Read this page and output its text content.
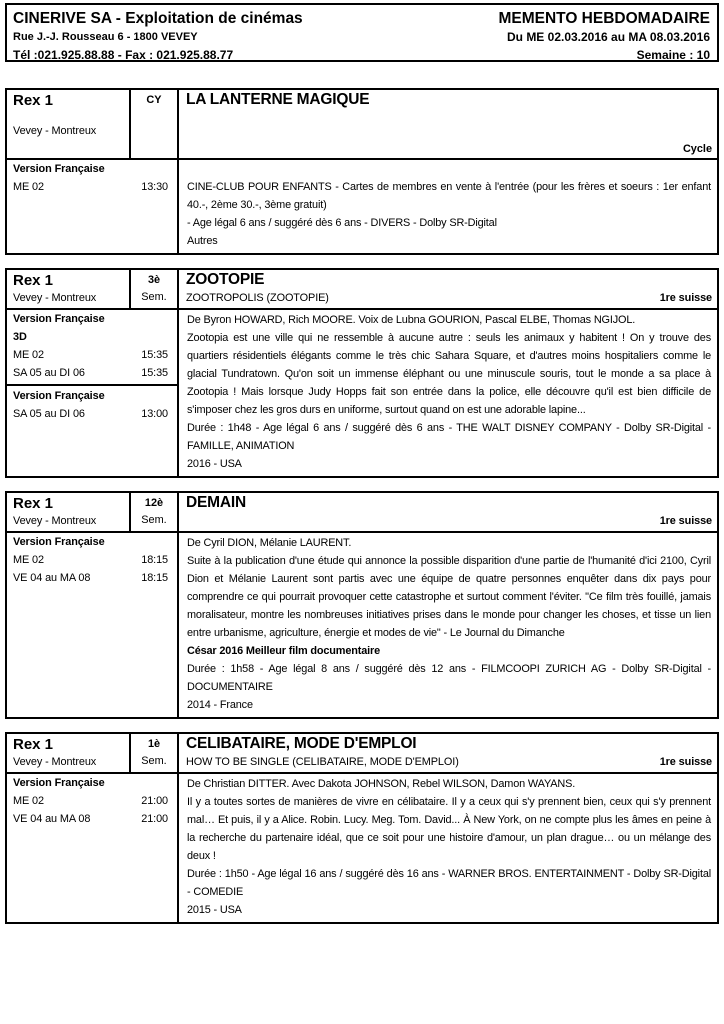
CINERIVE SA - Exploitation de cinémas
Rue J.-J. Rousseau 6 - 1800 VEVEY
Tél :021.925.88.88 - Fax : 021.925.88.77
MEMENTO HEBDOMADAIRE
Du ME 02.03.2016 au MA 08.03.2016
Semaine : 10
Rex 1
Vevey - Montreux
CY	LA LANTERNE MAGIQUE
Cycle
Version Française
ME 02	13:30 CINE-CLUB POUR ENFANTS - Cartes de membres en vente à l'entrée (pour les frères et soeurs : 1er enfant 40.-, 2ème 30.-, 3ème gratuit)

- Age légal 6 ans / suggéré dès 6 ans - DIVERS - Dolby SR-Digital

Autres

Rex 1
Vevey - Montreux
3è
Sem.
ZOOTOPIE
ZOOTROPOLIS (ZOOTOPIE)	1re suisse
Version Française
3D
ME 02	15:35
SA 05 au DI 06	15:35
Version Française
SA 05 au DI 06	13:00

De Byron HOWARD, Rich MOORE. Voix de Lubna GOURION, Pascal ELBE, Thomas NGIJOL.

Zootopia est une ville qui ne ressemble à aucune autre : seuls les animaux y habitent ! On y trouve des quartiers résidentiels élégants comme le très chic Sahara Square, et d'autres moins hospitaliers comme le glacial Tundratown. Qu'on soit un immense éléphant ou une minuscule souris, tout le monde a sa place à Zootopia ! Mais lorsque Judy Hopps fait son entrée dans la police, elle découvre qu'il est bien difficile de s'imposer chez les gros durs en uniforme, surtout quand on est une adorable lapine...

Durée : 1h48 - Age légal 6 ans / suggéré dès 6 ans - THE WALT DISNEY COMPANY - Dolby SR-Digital - FAMILLE, ANIMATION

2016 - USA

Rex 1
Vevey - Montreux
12è
Sem.
DEMAIN
1re suisse
Version Française
ME 02	18:15
VE 04 au MA 08	18:15

De Cyril DION, Mélanie LAURENT.

Suite à la publication d'une étude qui annonce la possible disparition d'une partie de l'humanité d'ici 2100, Cyril Dion et Mélanie Laurent sont partis avec une équipe de quatre personnes enquêter dans dix pays pour comprendre ce qui pourrait provoquer cette catastrophe et surtout comment l'éviter. "Ce film très fouillé, jamais moralisateur, montre les nombreuses initiatives prises dans le monde pour changer les choses, et tisse un lien entre urbanisme, agriculture, énergie et modes de vie" - Le Journal du Dimanche

César 2016 Meilleur film documentaire

Durée : 1h58 - Age légal 8 ans / suggéré dès 12 ans - FILMCOOPI ZURICH AG - Dolby SR-Digital - DOCUMENTAIRE

2014 - France

Rex 1
Vevey - Montreux
1è
Sem.
CELIBATAIRE, MODE D'EMPLOI
HOW TO BE SINGLE (CELIBATAIRE, MODE D'EMPLOI)	1re suisse
Version Française
ME 02	21:00
VE 04 au MA 08	21:00

De Christian DITTER. Avec Dakota JOHNSON, Rebel WILSON, Damon WAYANS.

Il y a toutes sortes de manières de vivre en célibataire. Il y a ceux qui s'y prennent bien, ceux qui s'y prennent mal… Et puis, il y a Alice. Robin. Lucy. Meg. Tom. David... À New York, on ne compte plus les âmes en peine à la recherche du partenaire idéal, que ce soit pour une histoire d'amour, un plan drague… ou un mélange des deux !

Durée : 1h50 - Age légal 16 ans / suggéré dès 16 ans - WARNER BROS. ENTERTAINMENT - Dolby SR-Digital - COMEDIE

2015 - USA
